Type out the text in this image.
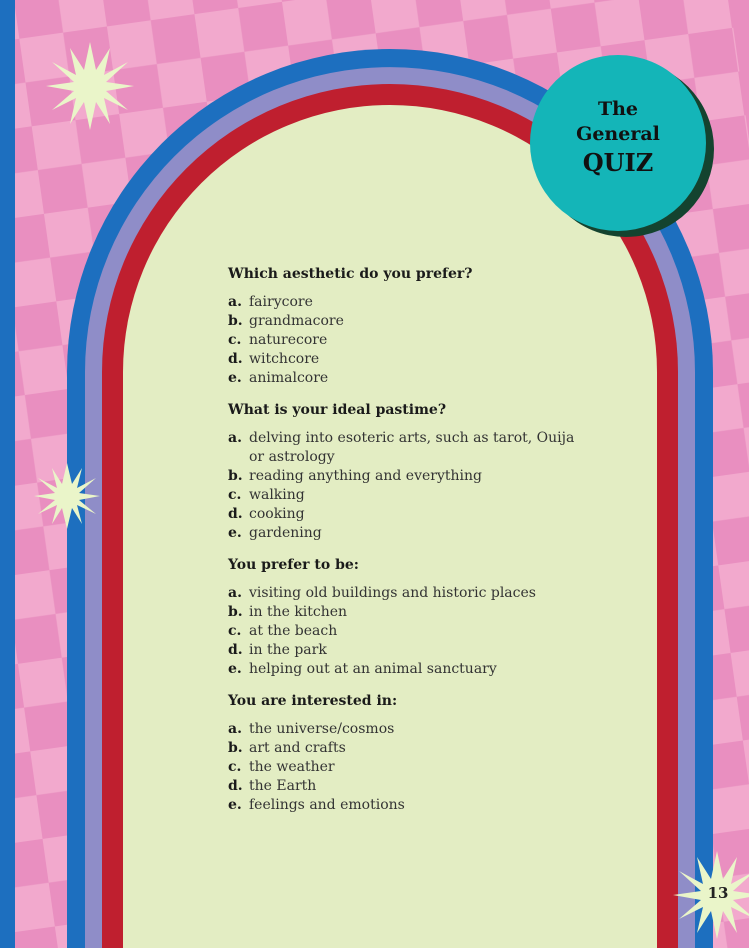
The
General
QUIZ
Which aesthetic do you prefer?
a. fairycore
b. grandmacore
c. naturecore
d. witchcore
e. animalcore
What is your ideal pastime?
a. delving into esoteric arts, such as tarot, Ouija or astrology
b. reading anything and everything
c. walking
d. cooking
e. gardening
You prefer to be:
a. visiting old buildings and historic places
b. in the kitchen
c. at the beach
d. in the park
e. helping out at an animal sanctuary
You are interested in:
a. the universe/cosmos
b. art and crafts
c. the weather
d. the Earth
e. feelings and emotions
13
